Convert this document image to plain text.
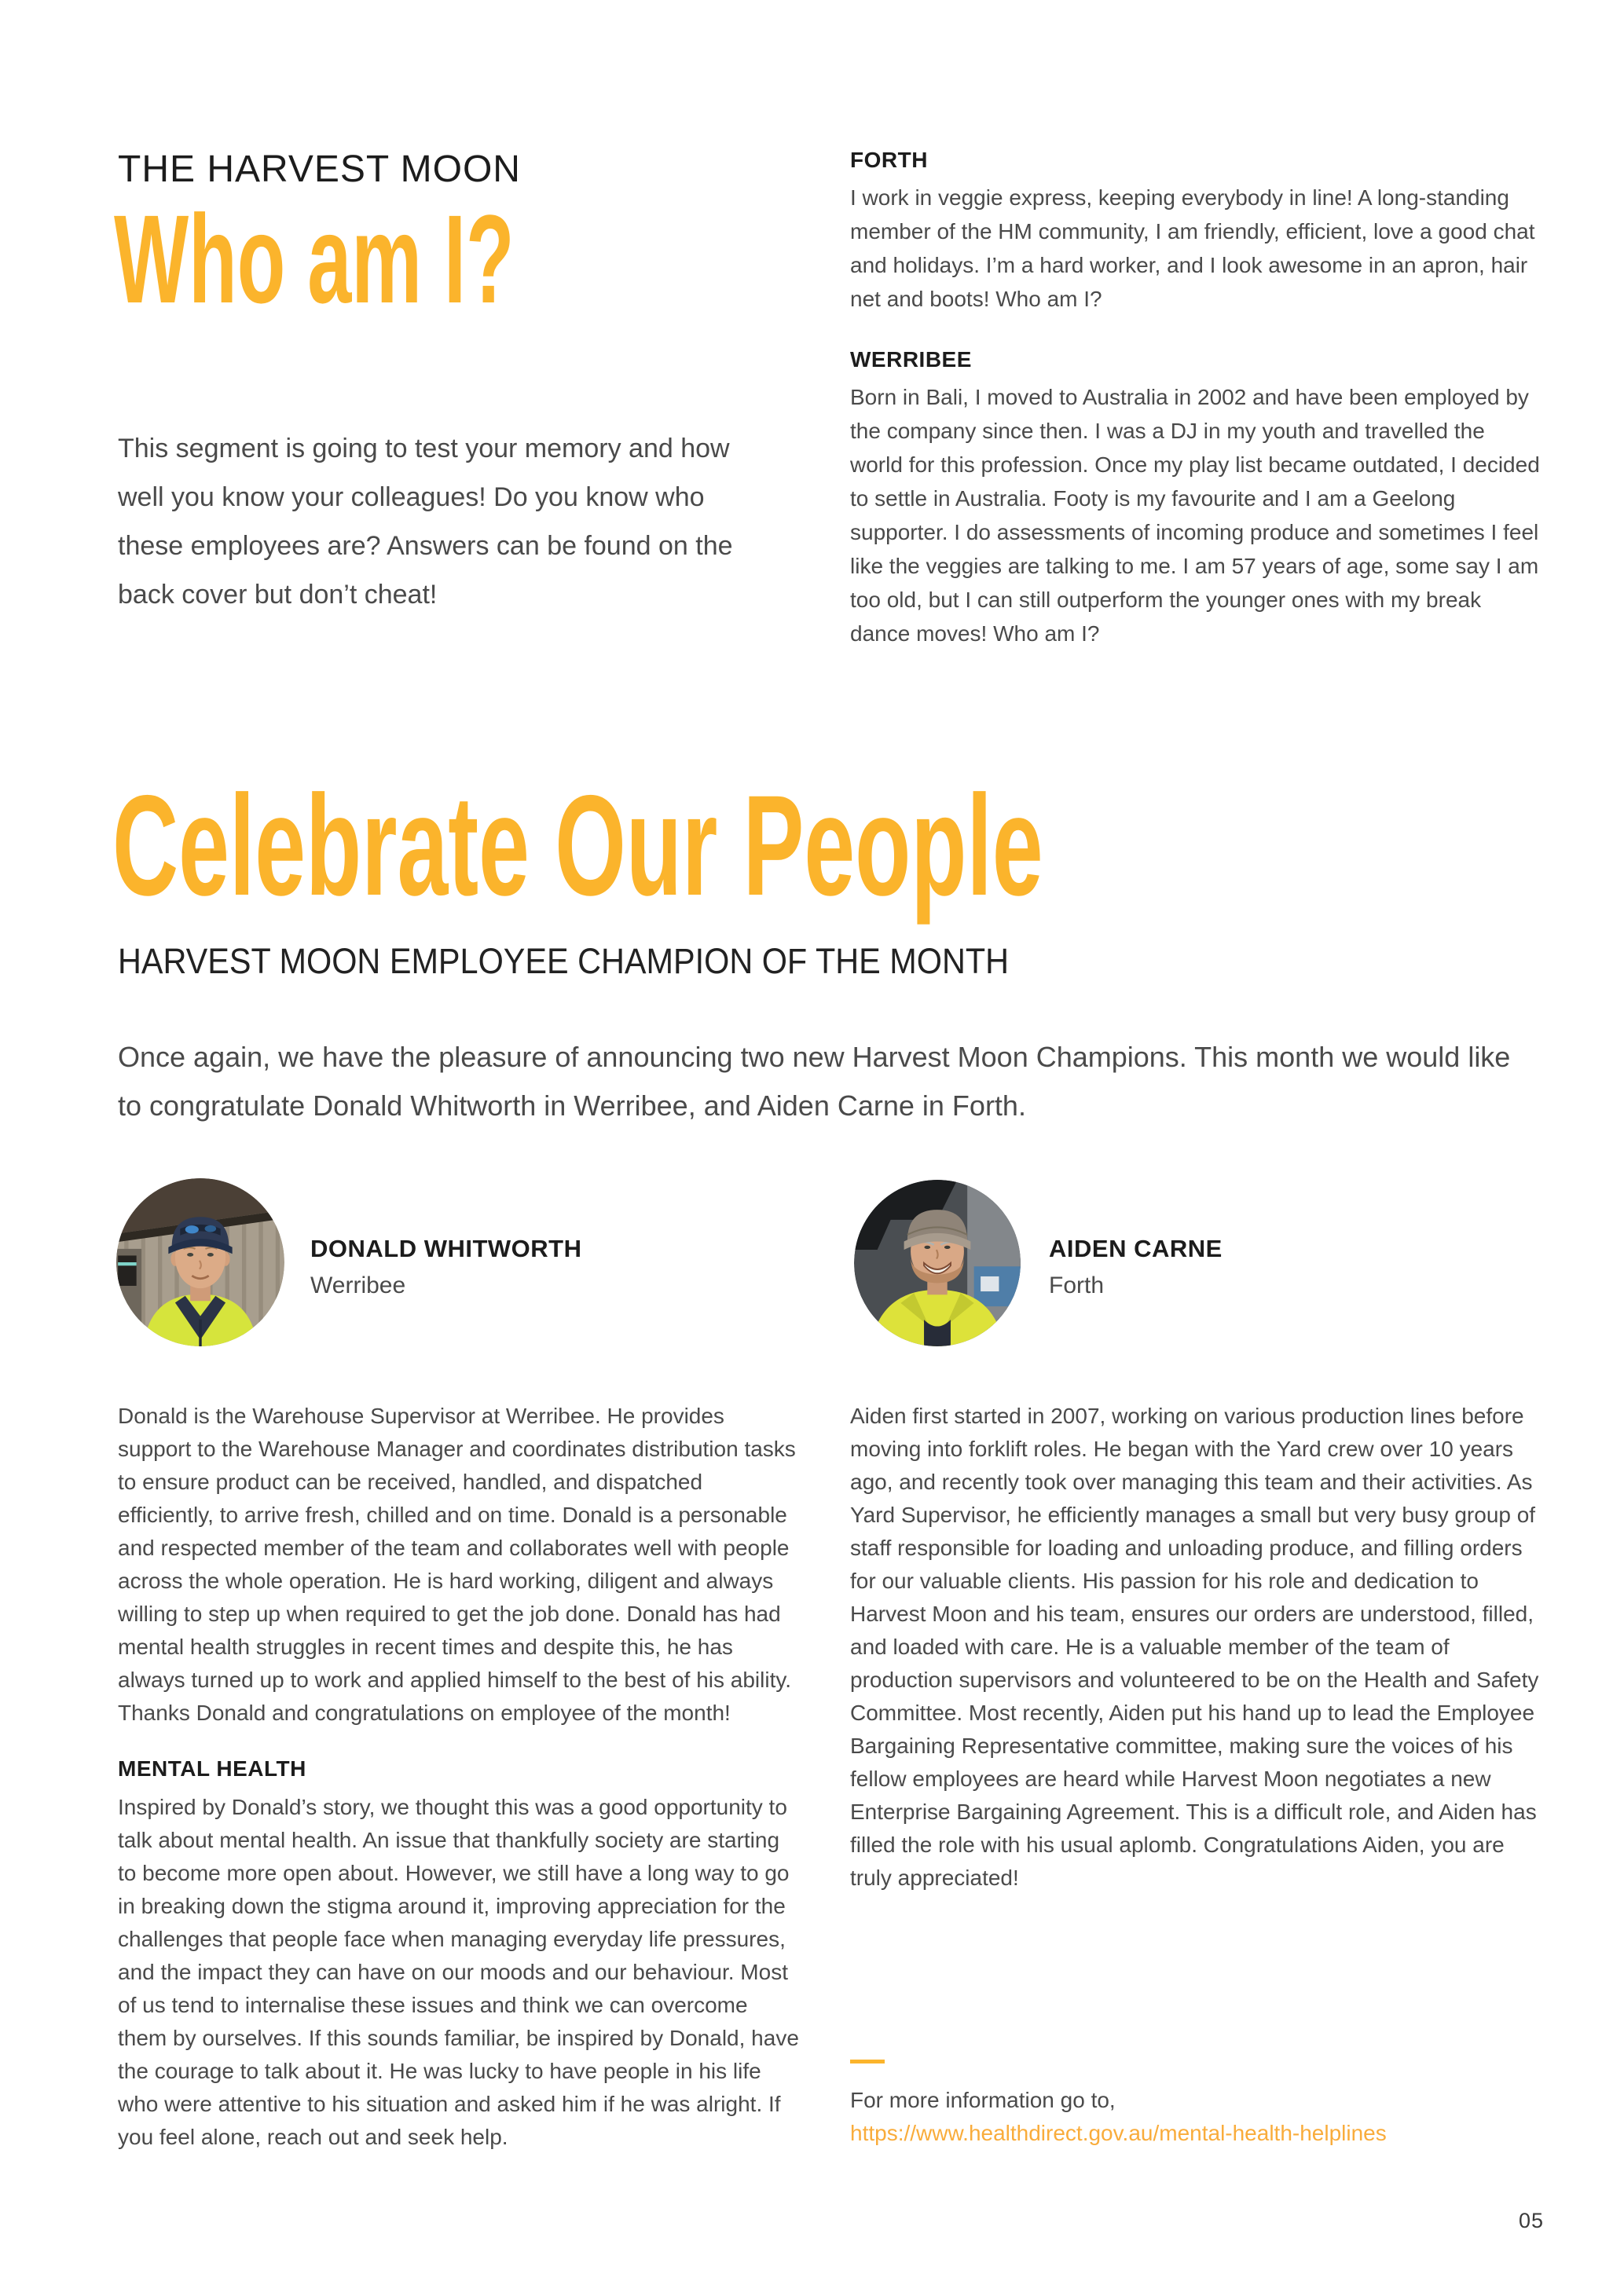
THE HARVEST MOON
Who am I?
This segment is going to test your memory and how well you know your colleagues! Do you know who these employees are? Answers can be found on the back cover but don’t cheat!
FORTH
I work in veggie express, keeping everybody in line! A long-standing member of the HM community, I am friendly, efficient, love a good chat and holidays. I’m a hard worker, and I look awesome in an apron, hair net and boots! Who am I?
WERRIBEE
Born in Bali, I moved to Australia in 2002 and have been employed by the company since then. I was a DJ in my youth and travelled the world for this profession. Once my play list became outdated, I decided to settle in Australia. Footy is my favourite and I am a Geelong supporter. I do assessments of incoming produce and sometimes I feel like the veggies are talking to me. I am 57 years of age, some say I am too old, but I can still outperform the younger ones with my break dance moves! Who am I?
Celebrate Our People
HARVEST MOON EMPLOYEE CHAMPION OF THE MONTH
Once again, we have the pleasure of announcing two new Harvest Moon Champions. This month we would like to congratulate Donald Whitworth in Werribee, and Aiden Carne in Forth.
DONALD WHITWORTH
Werribee
AIDEN CARNE
Forth
Donald is the Warehouse Supervisor at Werribee. He provides support to the Warehouse Manager and coordinates distribution tasks to ensure product can be received, handled, and dispatched efficiently, to arrive fresh, chilled and on time. Donald is a personable and respected member of the team and collaborates well with people across the whole operation. He is hard working, diligent and always willing to step up when required to get the job done. Donald has had mental health struggles in recent times and despite this, he has always turned up to work and applied himself to the best of his ability. Thanks Donald and congratulations on employee of the month!
MENTAL HEALTH
Inspired by Donald’s story, we thought this was a good opportunity to talk about mental health. An issue that thankfully society are starting to become more open about. However, we still have a long way to go in breaking down the stigma around it, improving appreciation for the challenges that people face when managing everyday life pressures, and the impact they can have on our moods and our behaviour. Most of us tend to internalise these issues and think we can overcome them by ourselves. If this sounds familiar, be inspired by Donald, have the courage to talk about it. He was lucky to have people in his life who were attentive to his situation and asked him if he was alright. If you feel alone, reach out and seek help.
Aiden first started in 2007, working on various production lines before moving into forklift roles. He began with the Yard crew over 10 years ago, and recently took over managing this team and their activities. As Yard Supervisor, he efficiently manages a small but very busy group of staff responsible for loading and unloading produce, and filling orders for our valuable clients. His passion for his role and dedication to Harvest Moon and his team, ensures our orders are understood, filled, and loaded with care. He is a valuable member of the team of production supervisors and volunteered to be on the Health and Safety Committee. Most recently, Aiden put his hand up to lead the Employee Bargaining Representative committee, making sure the voices of his fellow employees are heard while Harvest Moon negotiates a new Enterprise Bargaining Agreement. This is a difficult role, and Aiden has filled the role with his usual aplomb. Congratulations Aiden, you are truly appreciated!
For more information go to,
https://www.healthdirect.gov.au/mental-health-helplines
05
